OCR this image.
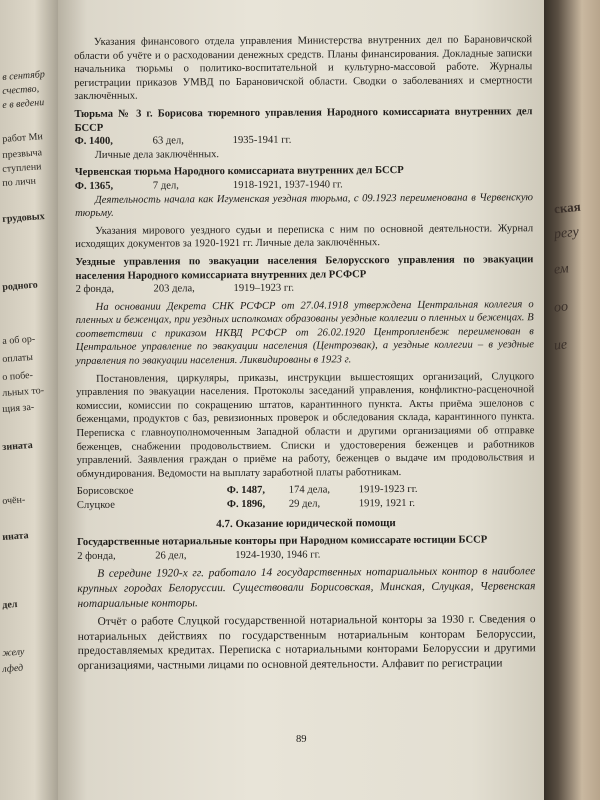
в сентябр
счество,
е в ведени
работ Ми
презвыча
ступлени
по личн
грудовых
родного
а об ор-
оплаты
о побе-
льных то-
щия за-
зината
очён-
ината
дел
желу
лфед
ская
регу
ем
оо
ие

Указания финансового отдела управления Министерства внутренних дел по Барановичской области об учёте и о расходовании денежных средств. Планы финансирования. Докладные записки начальника тюрьмы о политико-воспитательной и культурно-массовой работе. Журналы регистрации приказов УМВД по Барановичской области. Сводки о заболеваниях и смертности заключённых.

Тюрьма № 3 г. Борисова тюремного управления Народного комиссариата внутренних дел БССР

Ф. 1400,	63 дел,	1935-1941 гг.

Личные дела заключённых.

Червенская тюрьма Народного комиссариата внутренних дел БССР

Ф. 1365,	7 дел,	1918-1921, 1937-1940 гг.

Деятельность начала как Игуменская уездная тюрьма, с 09.1923 переименована в Червенскую тюрьму.

Указания мирового уездного судьи и переписка с ним по основной деятельности. Журнал исходящих документов за 1920-1921 гг. Личные дела заключённых.

Уездные управления по эвакуации населения Белорусского управления по эвакуации населения Народного комиссариата внутренних дел РСФСР

2 фонда,	203 дела,	1919–1923 гг.

На основании Декрета СНК РСФСР от 27.04.1918 утверждена Центральная коллегия о пленных и беженцах, при уездных исполкомах образованы уездные коллегии о пленных и беженцах. В соответствии с приказом НКВД РСФСР от 26.02.1920 Центропленбеж переименован в Центральное управление по эвакуации населения (Центроэвак), а уездные коллегии – в уездные управления по эвакуации населения. Ликвидированы в 1923 г.

Постановления, циркуляры, приказы, инструкции вышестоящих организаций, Слуцкого управления по эвакуации населения. Протоколы заседаний управления, конфликтно-расценочной комиссии, комиссии по сокращению штатов, карантинного пункта. Акты приёма эшелонов с беженцами, продуктов с баз, ревизионных проверок и обследования склада, карантинного пункта. Переписка с главноуполномоченным Западной области и другими организациями об отправке беженцев, снабжении продовольствием. Списки и удостоверения беженцев и работников управлений. Заявления граждан о приёме на работу, беженцев о выдаче им продовольствия и обмундирования. Ведомости на выплату заработной платы работникам.

Борисовское	Ф. 1487,	174 дела,	1919-1923 гг.
Слуцкое	Ф. 1896,	29 дел,	1919, 1921 г.
4.7. Оказание юридической помощи

Государственные нотариальные конторы при Народном комиссарате юстиции БССР

2 фонда,	26 дел,	1924-1930, 1946 гг.

В середине 1920-х гг. работало 14 государственных нотариальных контор в наиболее крупных городах Белоруссии. Существовали Борисовская, Минская, Слуцкая, Червенская нотариальные конторы.

Отчёт о работе Слуцкой государственной нотариальной конторы за 1930 г. Сведения о нотариальных действиях по государственным нотариальным конторам Белоруссии, предоставляемых кредитах. Переписка с нотариальными конторами Белоруссии и другими организациями, частными лицами по основной деятельности. Алфавит по регистрации

89
